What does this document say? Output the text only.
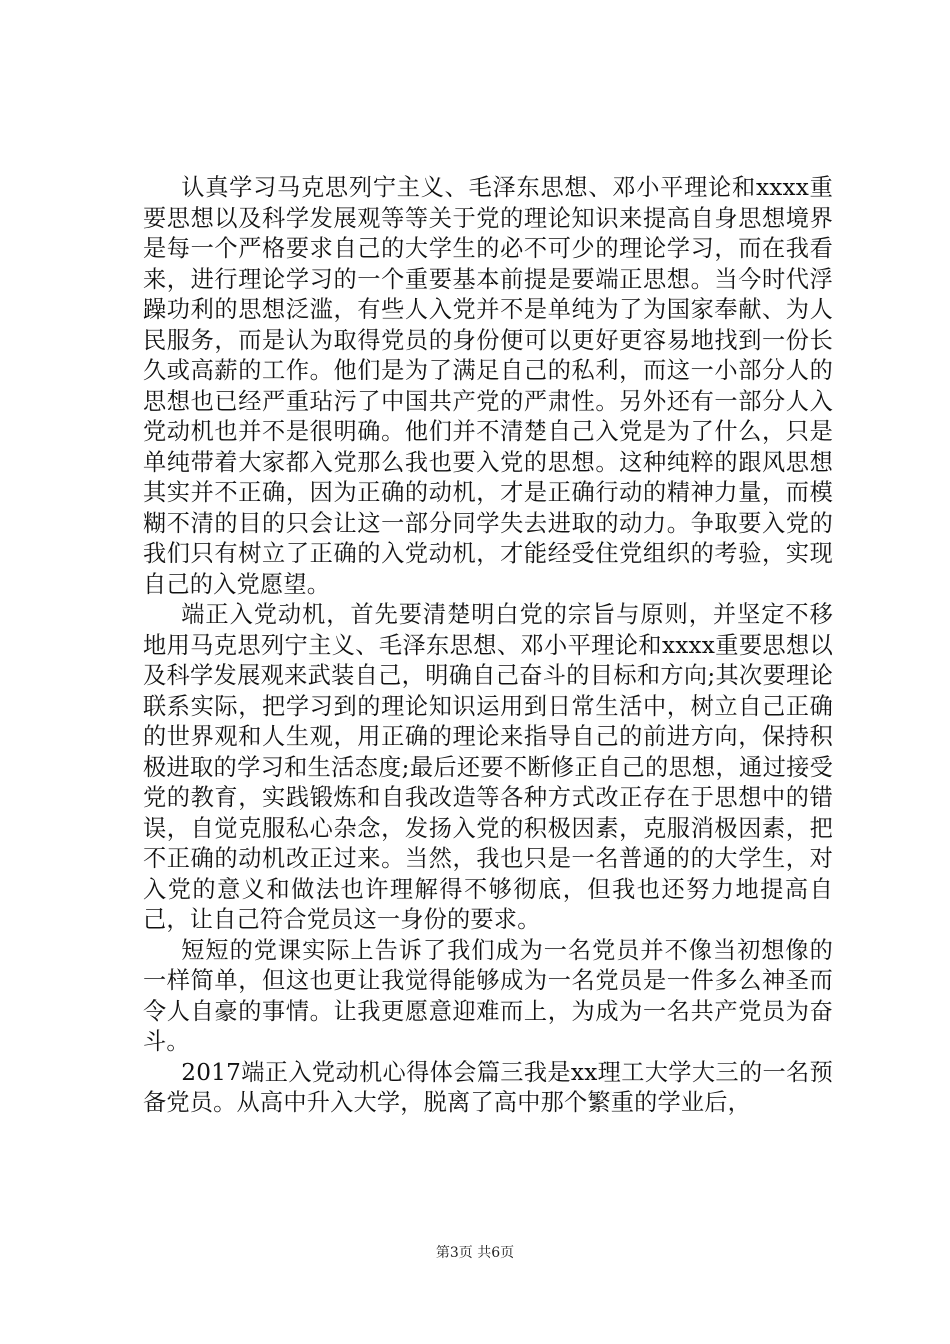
认真学习马克思列宁主义、毛泽东思想、邓小平理论和xxxx重要思想以及科学发展观等等关于党的理论知识来提高自身思想境界是每一个严格要求自己的大学生的必不可少的理论学习，而在我看来，进行理论学习的一个重要基本前提是要端正思想。当今时代浮躁功利的思想泛滥，有些人入党并不是单纯为了为国家奉献、为人民服务，而是认为取得党员的身份便可以更好更容易地找到一份长久或高薪的工作。他们是为了满足自己的私利，而这一小部分人的思想也已经严重玷污了中国共产党的严肃性。另外还有一部分人入党动机也并不是很明确。他们并不清楚自己入党是为了什么，只是单纯带着大家都入党那么我也要入党的思想。这种纯粹的跟风思想其实并不正确，因为正确的动机，才是正确行动的精神力量，而模糊不清的目的只会让这一部分同学失去进取的动力。争取要入党的我们只有树立了正确的入党动机，才能经受住党组织的考验，实现自己的入党愿望。

端正入党动机，首先要清楚明白党的宗旨与原则，并坚定不移地用马克思列宁主义、毛泽东思想、邓小平理论和xxxx重要思想以及科学发展观来武装自己，明确自己奋斗的目标和方向;其次要理论联系实际，把学习到的理论知识运用到日常生活中，树立自己正确的世界观和人生观，用正确的理论来指导自己的前进方向，保持积极进取的学习和生活态度;最后还要不断修正自己的思想，通过接受党的教育，实践锻炼和自我改造等各种方式改正存在于思想中的错误，自觉克服私心杂念，发扬入党的积极因素，克服消极因素，把不正确的动机改正过来。当然，我也只是一名普通的的大学生，对入党的意义和做法也许理解得不够彻底，但我也还努力地提高自己，让自己符合党员这一身份的要求。

短短的党课实际上告诉了我们成为一名党员并不像当初想像的一样简单，但这也更让我觉得能够成为一名党员是一件多么神圣而令人自豪的事情。让我更愿意迎难而上，为成为一名共产党员为奋斗。

2017端正入党动机心得体会篇三我是xx理工大学大三的一名预备党员。从高中升入大学，脱离了高中那个繁重的学业后，

第3页 共6页
